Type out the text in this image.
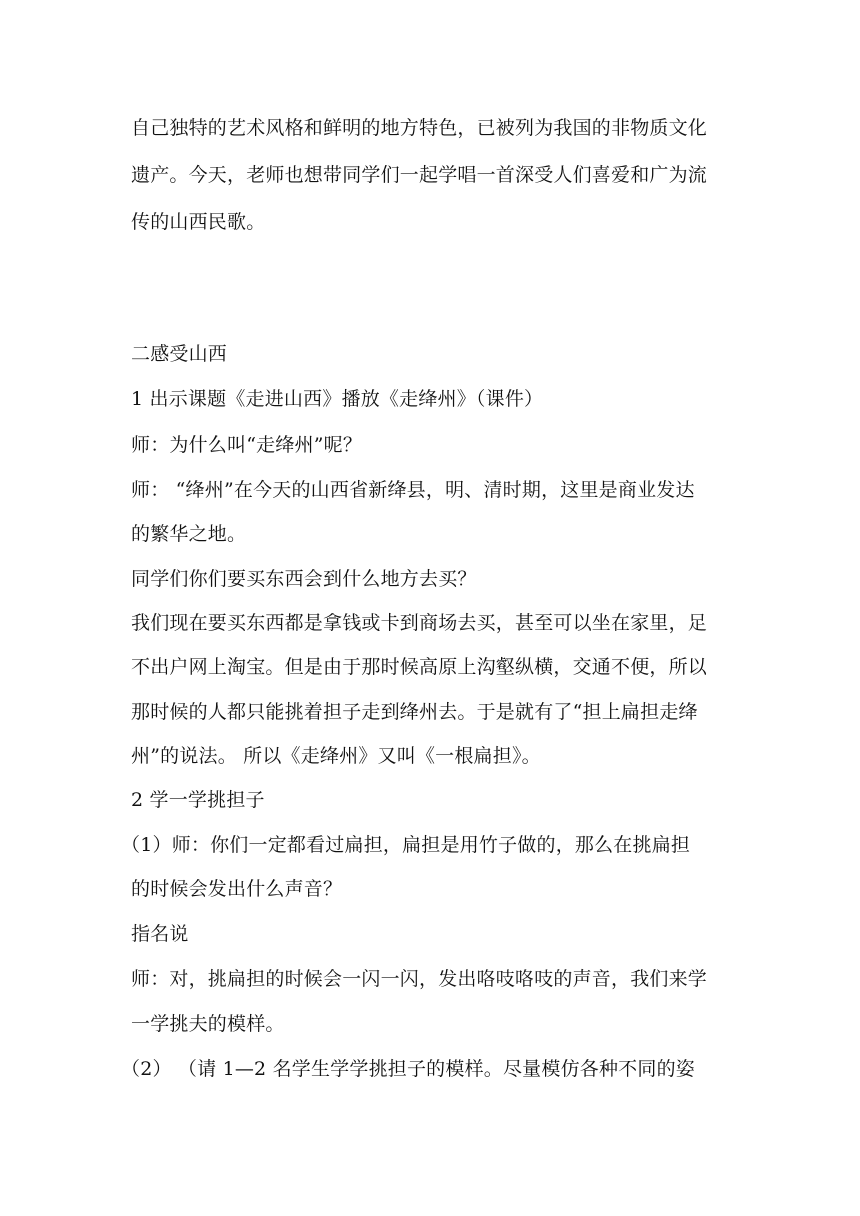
自己独特的艺术风格和鲜明的地方特色，已被列为我国的非物质文化
遗产。今天，老师也想带同学们一起学唱一首深受人们喜爱和广为流
传的山西民歌。
二感受山西
1 出示课题《走进山西》播放《走绛州》（课件）
师：为什么叫“走绛州”呢？
师： “绛州”在今天的山西省新绛县，明、清时期，这里是商业发达
的繁华之地。
同学们你们要买东西会到什么地方去买？
我们现在要买东西都是拿钱或卡到商场去买，甚至可以坐在家里，足
不出户网上淘宝。但是由于那时候高原上沟壑纵横，交通不便，所以
那时候的人都只能挑着担子走到绛州去。于是就有了“担上扁担走绛
州”的说法。 所以《走绛州》又叫《一根扁担》。
2 学一学挑担子
（1）师：你们一定都看过扁担，扁担是用竹子做的，那么在挑扁担
的时候会发出什么声音？
指名说
师：对，挑扁担的时候会一闪一闪，发出咯吱咯吱的声音，我们来学
一学挑夫的模样。
（2） （请 1—2 名学生学学挑担子的模样。尽量模仿各种不同的姿
